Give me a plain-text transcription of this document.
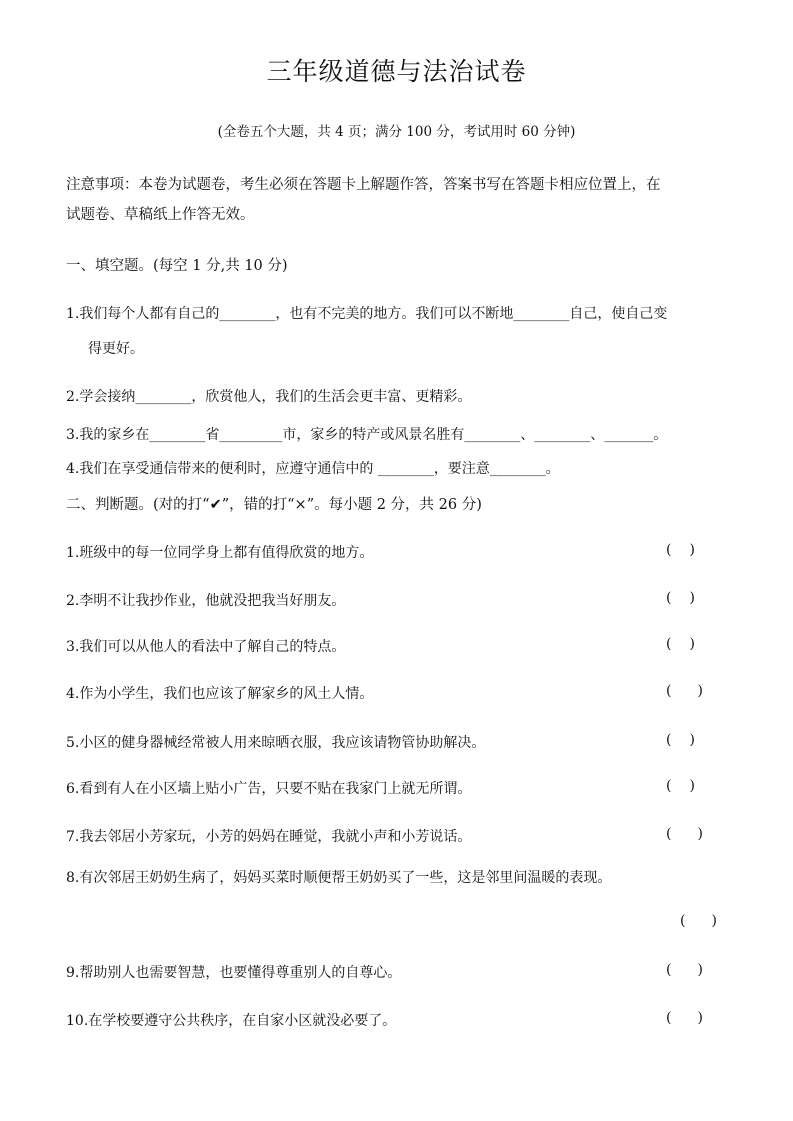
三年级道德与法治试卷
(全卷五个大题，共 4 页；满分 100 分，考试用时 60 分钟)
注意事项：本卷为试题卷，考生必须在答题卡上解题作答，答案书写在答题卡相应位置上，在
试题卷、草稿纸上作答无效。
一、填空题。(每空 1 分,共 10 分)
1.我们每个人都有自己的________，也有不完美的地方。我们可以不断地________自己，使自己变
得更好。
2.学会接纳________，欣赏他人，我们的生活会更丰富、更精彩。
3.我的家乡在________省_________市，家乡的特产或风景名胜有________、________、_______。
4.我们在享受通信带来的便利时，应遵守通信中的 ________，要注意________。
二、判断题。(对的打“✔”，错的打“×”。每小题 2 分，共 26 分)
1.班级中的每一位同学身上都有值得欣赏的地方。	( )
2.李明不让我抄作业，他就没把我当好朋友。	( )
3.我们可以从他人的看法中了解自己的特点。	( )
4.作为小学生，我们也应该了解家乡的风土人情。	( )
5.小区的健身器械经常被人用来晾晒衣服，我应该请物管协助解决。	( )
6.看到有人在小区墙上贴小广告，只要不贴在我家门上就无所谓。	( )
7.我去邻居小芳家玩，小芳的妈妈在睡觉，我就小声和小芳说话。	( )
8.有次邻居王奶奶生病了，妈妈买菜时顺便帮王奶奶买了一些，这是邻里间温暖的表现。
( )
9.帮助别人也需要智慧，也要懂得尊重别人的自尊心。	( )
10.在学校要遵守公共秩序，在自家小区就没必要了。	( )
